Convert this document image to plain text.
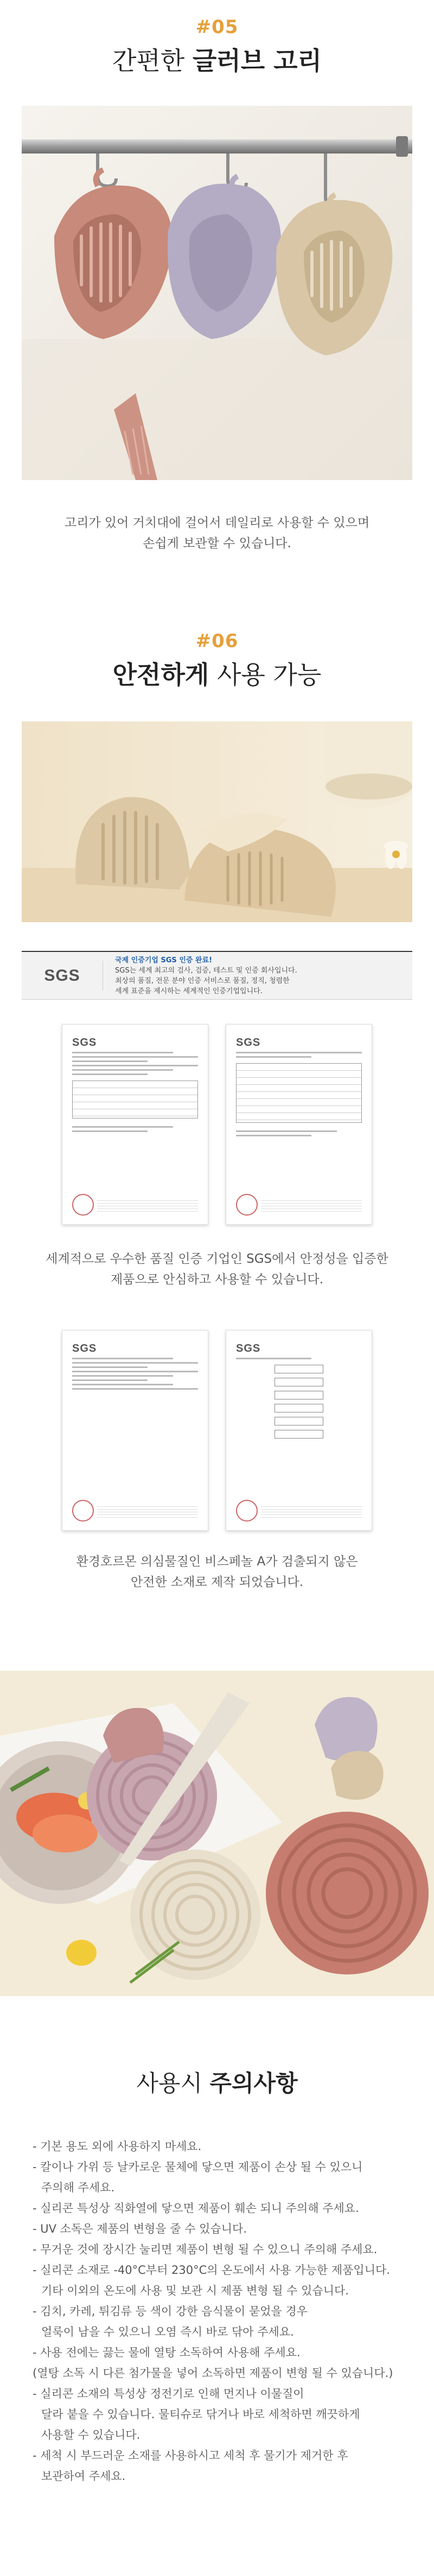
#05
간편한 글러브 고리

고리가 있어 거치대에 걸어서 데일리로 사용할 수 있으며

손쉽게 보관할 수 있습니다.

#06
안전하게 사용 가능
SGS
국제 인증기업 SGS 인증 완료!
SGS는 세계 최고의 검사, 검증, 테스트 및 인증 회사입니다.
최상의 품질, 전문 분야 인증 서비스로 품질, 정직, 청렴한
세계 표준을 제시하는 세계적인 인증기업입니다.
SGS	SGS

세계적으로 우수한 품질 인증 기업인 SGS에서 안정성을 입증한

제품으로 안심하고 사용할 수 있습니다.

SGS	SGS

환경호르몬 의심물질인 비스페놀 A가 검출되지 않은

안전한 소재로 제작 되었습니다.

사용시 주의사항
- 기본 용도 외에 사용하지 마세요.
- 칼이나 가위 등 날카로운 물체에 닿으면 제품이 손상 될 수 있으니
주의해 주세요.
- 실리콘 특성상 직화열에 닿으면 제품이 훼손 되니 주의해 주세요.
- UV 소독은 제품의 변형을 줄 수 있습니다.
- 무거운 것에 장시간 눌리면 제품이 변형 될 수 있으니 주의해 주세요.
- 실리콘 소재로 -40°C부터 230°C의 온도에서 사용 가능한 제품입니다.
기타 이외의 온도에 사용 및 보관 시 제품 변형 될 수 있습니다.
- 김치, 카레, 튀김류 등 색이 강한 음식물이 묻었을 경우
얼룩이 남을 수 있으니 오염 즉시 바로 닦아 주세요.
- 사용 전에는 끓는 물에 열탕 소독하여 사용해 주세요.
(열탕 소독 시 다른 첨가물을 넣어 소독하면 제품이 변형 될 수 있습니다.)
- 실리콘 소재의 특성상 정전기로 인해 먼지나 이물질이
달라 붙을 수 있습니다. 물티슈로 닦거나 바로 세척하면 깨끗하게
사용할 수 있습니다.
- 세척 시 부드러운 소재를 사용하시고 세척 후 물기가 제거한 후
보관하여 주세요.
